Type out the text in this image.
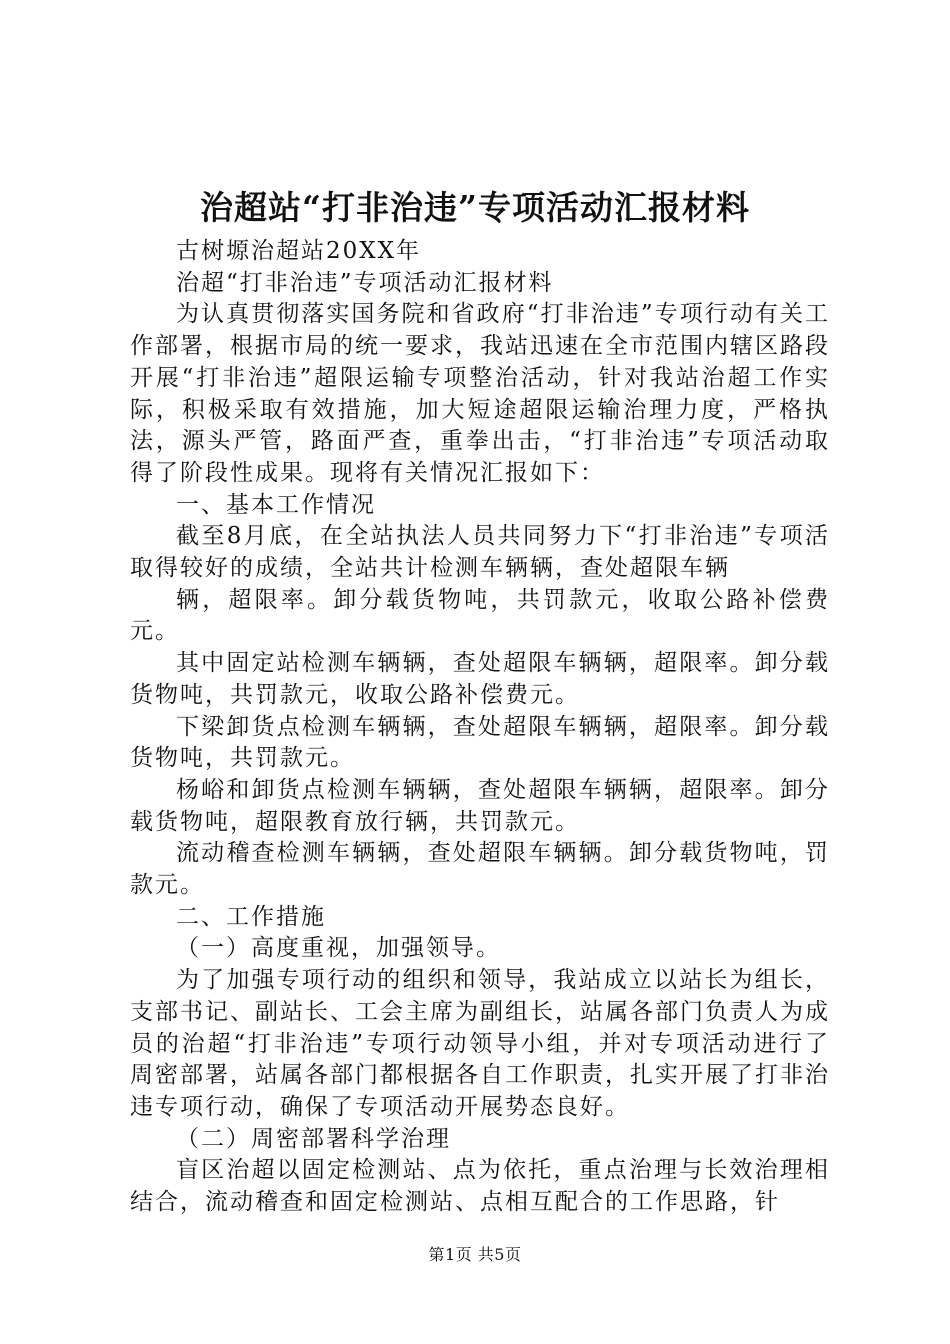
治超站“打非治违”专项活动汇报材料

古树塬治超站20XX年

治超“打非治违”专项活动汇报材料

为认真贯彻落实国务院和省政府“打非治违”专项行动有关工作部署，根据市局的统一要求，我站迅速在全市范围内辖区路段开展“打非治违”超限运输专项整治活动，针对我站治超工作实际，积极采取有效措施，加大短途超限运输治理力度，严格执法，源头严管，路面严查，重拳出击，“打非治违”专项活动取得了阶段性成果。现将有关情况汇报如下：

一、基本工作情况

截至8月底，在全站执法人员共同努力下“打非治违”专项活取得较好的成绩，全站共计检测车辆辆，查处超限车辆

辆，超限率。卸分载货物吨，共罚款元，收取公路补偿费元。

其中固定站检测车辆辆，查处超限车辆辆，超限率。卸分载货物吨，共罚款元，收取公路补偿费元。

下梁卸货点检测车辆辆，查处超限车辆辆，超限率。卸分载货物吨，共罚款元。

杨峪和卸货点检测车辆辆，查处超限车辆辆，超限率。卸分载货物吨，超限教育放行辆，共罚款元。

流动稽查检测车辆辆，查处超限车辆辆。卸分载货物吨，罚款元。

二、工作措施

（一）高度重视，加强领导。

为了加强专项行动的组织和领导，我站成立以站长为组长，支部书记、副站长、工会主席为副组长，站属各部门负责人为成员的治超“打非治违”专项行动领导小组，并对专项活动进行了周密部署，站属各部门都根据各自工作职责，扎实开展了打非治违专项行动，确保了专项活动开展势态良好。

（二）周密部署科学治理

盲区治超以固定检测站、点为依托，重点治理与长效治理相结合，流动稽查和固定检测站、点相互配合的工作思路，针

第1页 共5页
